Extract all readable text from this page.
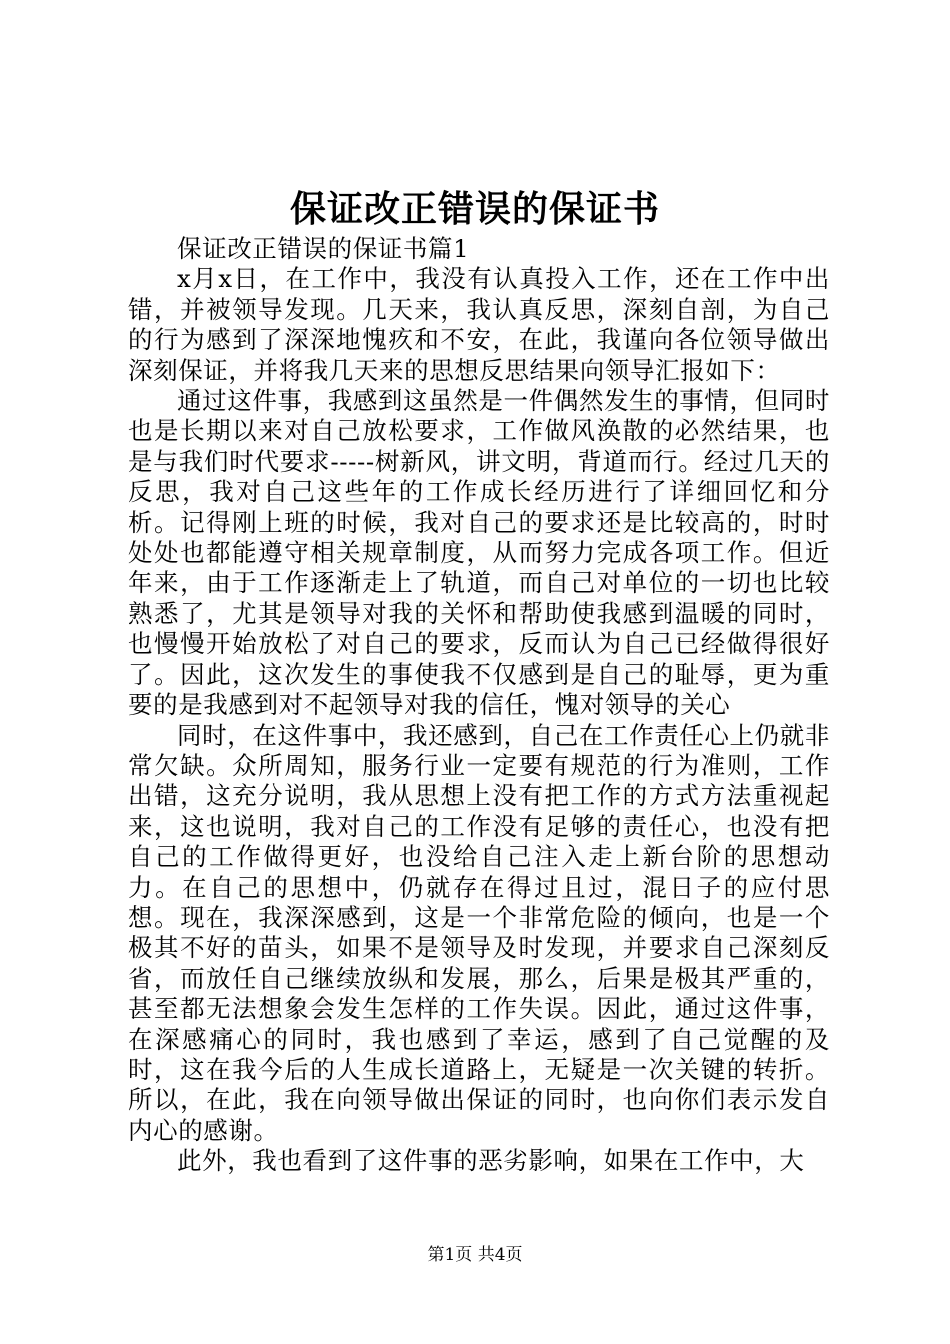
保证改正错误的保证书

保证改正错误的保证书篇1

x月x日，在工作中，我没有认真投入工作，还在工作中出错，并被领导发现。几天来，我认真反思，深刻自剖，为自己的行为感到了深深地愧疚和不安，在此，我谨向各位领导做出深刻保证，并将我几天来的思想反思结果向领导汇报如下：

通过这件事，我感到这虽然是一件偶然发生的事情，但同时也是长期以来对自己放松要求，工作做风涣散的必然结果，也是与我们时代要求-----树新风，讲文明，背道而行。经过几天的反思，我对自己这些年的工作成长经历进行了详细回忆和分析。记得刚上班的时候，我对自己的要求还是比较高的，时时处处也都能遵守相关规章制度，从而努力完成各项工作。但近年来，由于工作逐渐走上了轨道，而自己对单位的一切也比较熟悉了，尤其是领导对我的关怀和帮助使我感到温暖的同时，也慢慢开始放松了对自己的要求，反而认为自己已经做得很好了。因此，这次发生的事使我不仅感到是自己的耻辱，更为重要的是我感到对不起领导对我的信任，愧对领导的关心

同时，在这件事中，我还感到，自己在工作责任心上仍就非常欠缺。众所周知，服务行业一定要有规范的行为准则，工作出错，这充分说明，我从思想上没有把工作的方式方法重视起来，这也说明，我对自己的工作没有足够的责任心，也没有把自己的工作做得更好，也没给自己注入走上新台阶的思想动力。在自己的思想中，仍就存在得过且过，混日子的应付思想。现在，我深深感到，这是一个非常危险的倾向，也是一个极其不好的苗头，如果不是领导及时发现，并要求自己深刻反省，而放任自己继续放纵和发展，那么，后果是极其严重的，甚至都无法想象会发生怎样的工作失误。因此，通过这件事，在深感痛心的同时，我也感到了幸运，感到了自己觉醒的及时，这在我今后的人生成长道路上，无疑是一次关键的转折。所以，在此，我在向领导做出保证的同时，也向你们表示发自内心的感谢。

此外，我也看到了这件事的恶劣影响，如果在工作中，大

第1页 共4页
